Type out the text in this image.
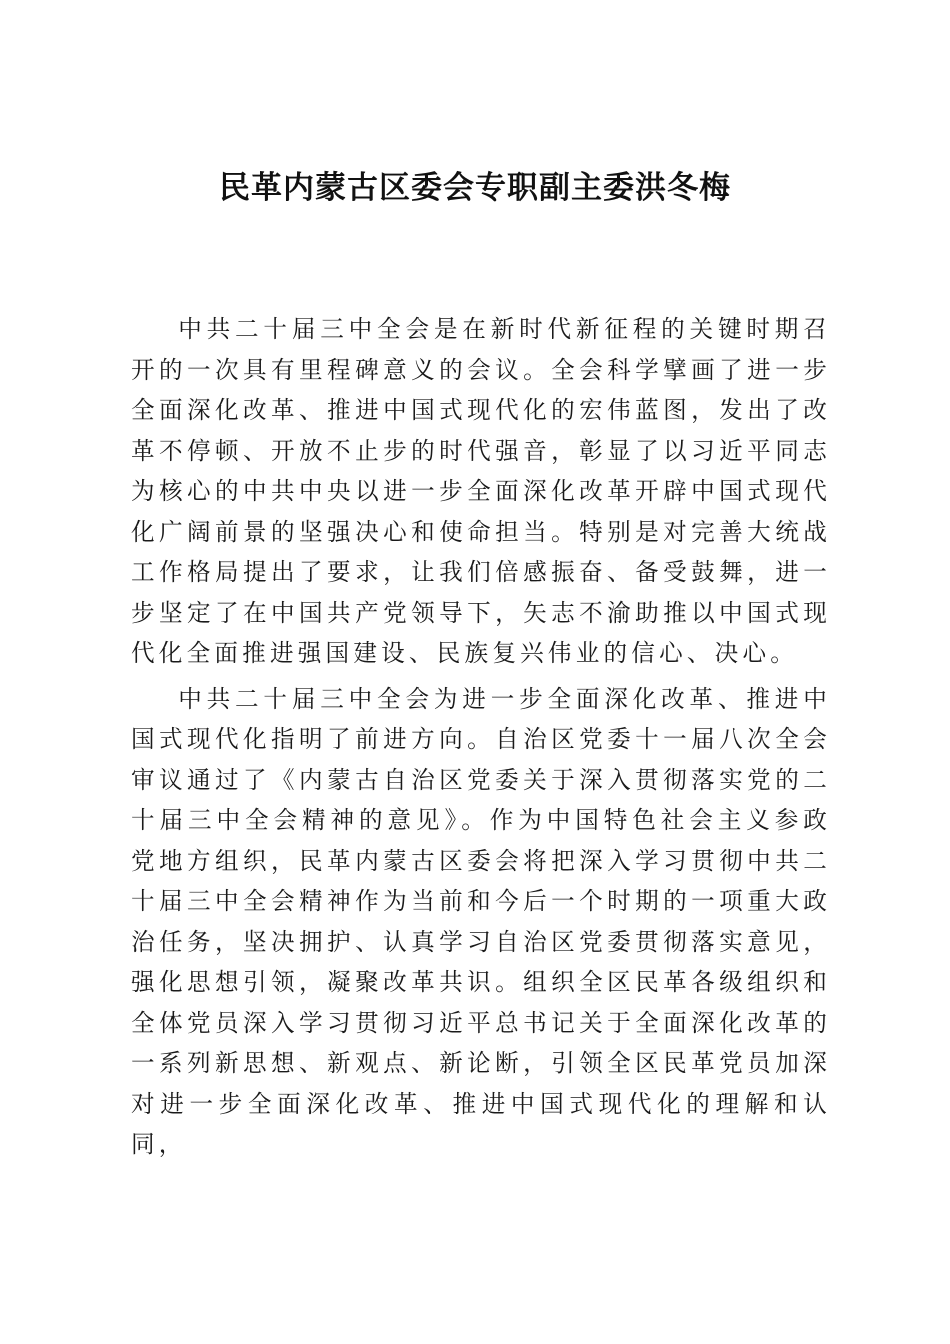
民革内蒙古区委会专职副主委洪冬梅

中共二十届三中全会是在新时代新征程的关键时期召开的一次具有里程碑意义的会议。全会科学擘画了进一步全面深化改革、推进中国式现代化的宏伟蓝图，发出了改革不停顿、开放不止步的时代强音，彰显了以习近平同志为核心的中共中央以进一步全面深化改革开辟中国式现代化广阔前景的坚强决心和使命担当。特别是对完善大统战工作格局提出了要求，让我们倍感振奋、备受鼓舞，进一步坚定了在中国共产党领导下，矢志不渝助推以中国式现代化全面推进强国建设、民族复兴伟业的信心、决心。

中共二十届三中全会为进一步全面深化改革、推进中国式现代化指明了前进方向。自治区党委十一届八次全会审议通过了《内蒙古自治区党委关于深入贯彻落实党的二十届三中全会精神的意见》。作为中国特色社会主义参政党地方组织，民革内蒙古区委会将把深入学习贯彻中共二十届三中全会精神作为当前和今后一个时期的一项重大政治任务，坚决拥护、认真学习自治区党委贯彻落实意见，强化思想引领，凝聚改革共识。组织全区民革各级组织和全体党员深入学习贯彻习近平总书记关于全面深化改革的一系列新思想、新观点、新论断，引领全区民革党员加深对进一步全面深化改革、推进中国式现代化的理解和认同，
